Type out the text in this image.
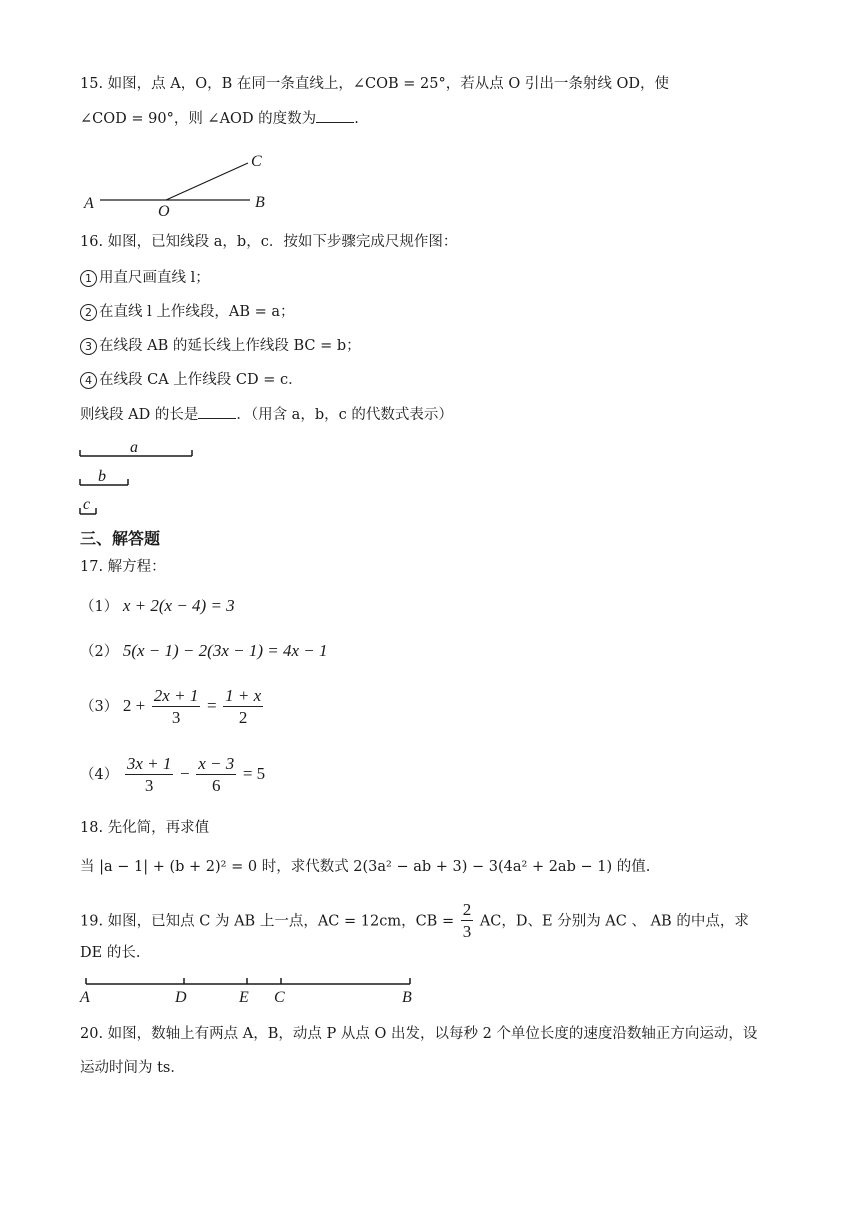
15. 如图，点 A，O，B 在同一条直线上，∠COB = 25°，若从点 O 引出一条射线 OD，使
∠COD = 90°，则 ∠AOD 的度数为	.
A	O
B
C
16. 如图，已知线段 a，b，c．按如下步骤完成尺规作图：
1 用直尺画直线 l；
2 在直线 l 上作线段，AB = a；
3 在线段 AB 的延长线上作线段 BC = b；
4 在线段 CA 上作线段 CD = c．
则线段 AD 的长是	．（用含 a，b，c 的代数式表示）
a
b
c
三、解答题
17. 解方程：
（1） x + 2(x − 4) = 3
（2） 5(x − 1) − 2(3x − 1) = 4x − 1
（3） $2 + \frac{2x + 1}{3} = \frac{1 + x}{2}$
$(4) \frac{3x + 1}{3} - \frac{x - 3}{6} = 5$
18. 先化简，再求值
当 |a − 1| + (b + 2)² = 0 时，求代数式 2(3a² − ab + 3) − 3(4a² + 2ab − 1) 的值.
19. 如图，已知点 C 为 AB 上一点，AC = 12cm，CB = $\frac{2}{3}$ AC，D、E 分别为 AC 、 AB 的中点，求
DE 的长.
A	D	E C	B
20. 如图，数轴上有两点 A，B，动点 P 从点 O 出发，以每秒 2 个单位长度的速度沿数轴正方向运动，设
运动时间为 ts．
